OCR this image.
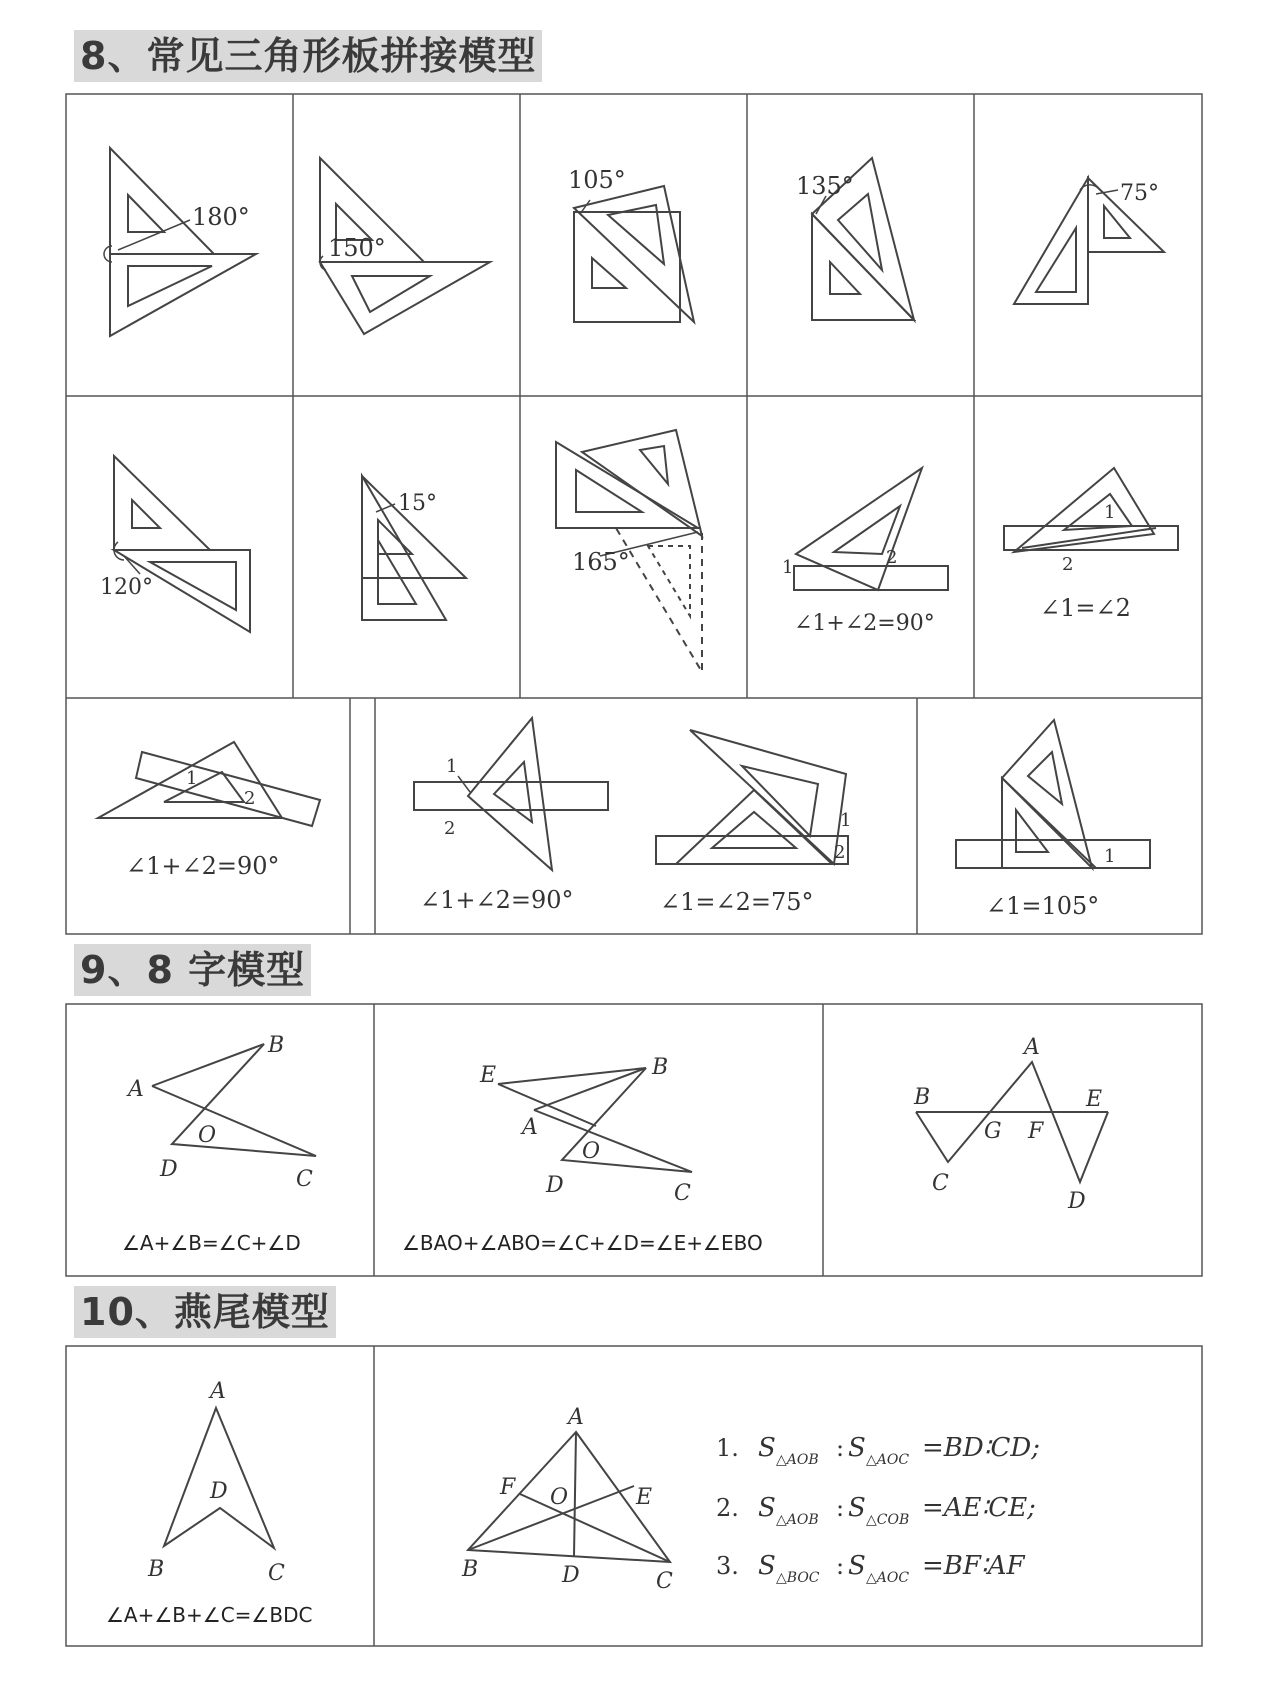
8、常见三角形板拼接模型
9、8 字模型
10、燕尾模型
180°
150°
105°	135°	75°
120°
15°
165°	1	2
∠1+∠2=90°
1
2
∠1=∠2
1
2
∠1+∠2=90°
1
2
∠1+∠2=90°
1
2
∠1=∠2=75°
1
∠1=105°
B
A
O
D	C
∠A+∠B=∠C+∠D
E	B
A
O
D	C
∠BAO+∠ABO=∠C+∠D=∠E+∠EBO
A
B	E
G F
C
D
A
D
B	C
∠A+∠B+∠C=∠BDC
A
F O	E
B	D	C
1. S △AOB : S △AOC =BD∶CD;
2. S △AOB : S △COB =AE∶CE;
3. S △BOC : S △AOC =BF∶AF
